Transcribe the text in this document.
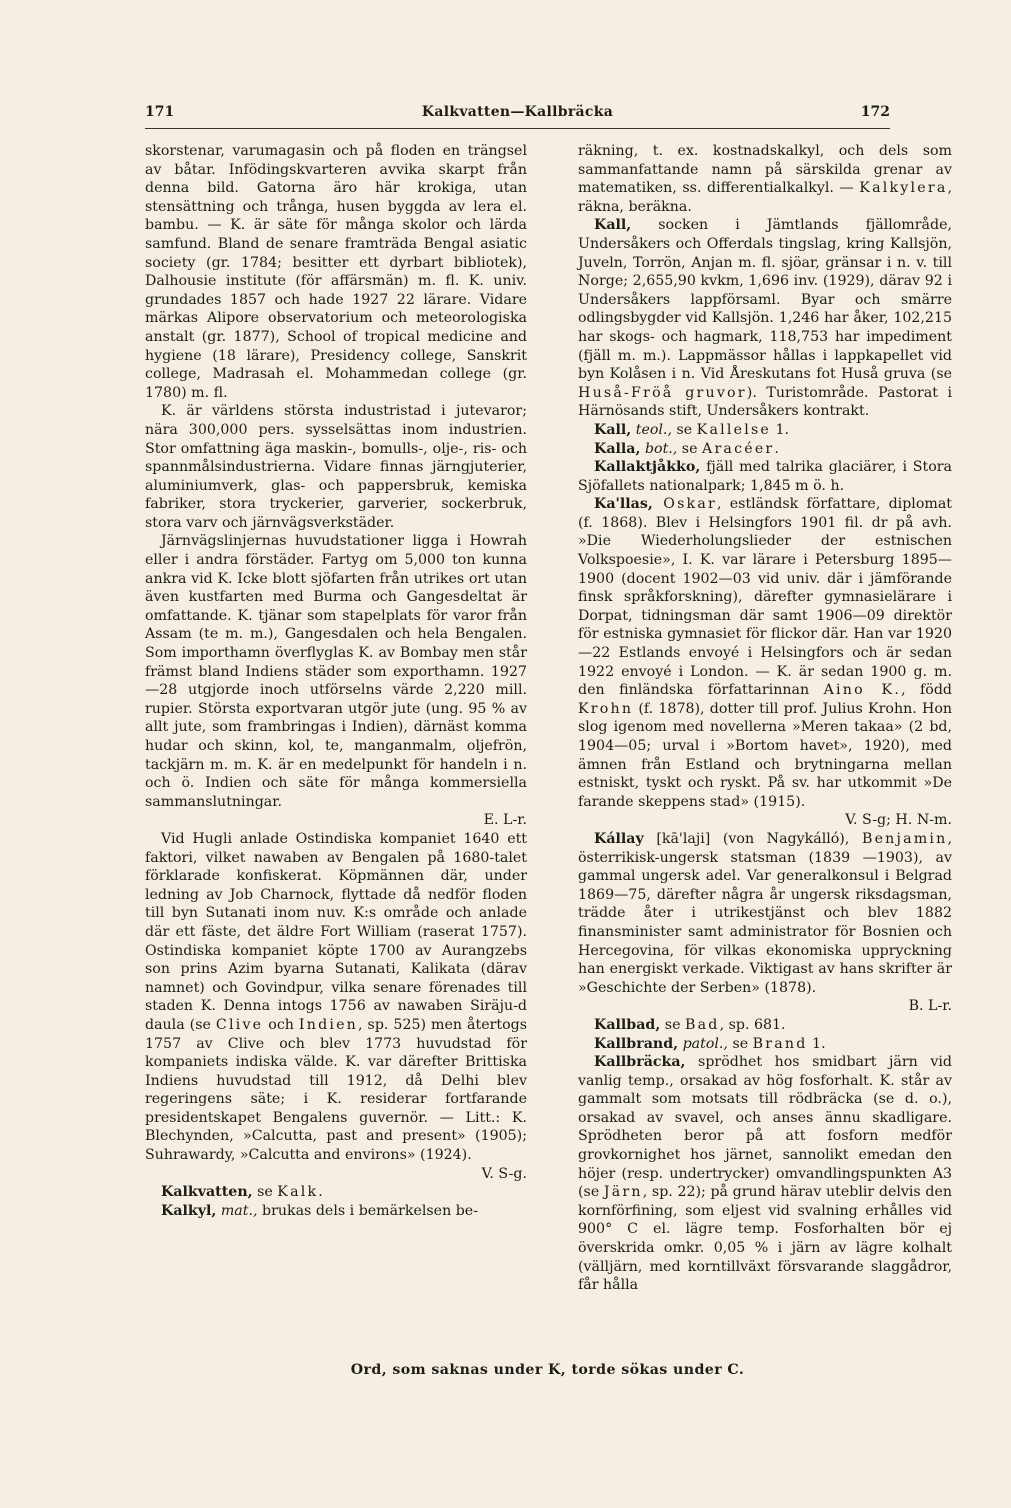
171	Kalkvatten—Kallbräcka	172

skorstenar, varumagasin och på floden en trängsel av båtar. Infödingskvarteren avvika skarpt från denna bild. Gatorna äro här krokiga, utan stensättning och trånga, husen byggda av lera el. bambu. — K. är säte för många skolor och lärda samfund. Bland de senare framträda Bengal asiatic society (gr. 1784; besitter ett dyrbart bibliotek), Dalhousie institute (för affärsmän) m. fl. K. univ. grundades 1857 och hade 1927 22 lärare. Vidare märkas Alipore observatorium och meteorologiska anstalt (gr. 1877), School of tropical medicine and hygiene (18 lärare), Presidency college, Sanskrit college, Madrasah el. Mohammedan college (gr. 1780) m. fl.

K. är världens största industristad i jutevaror; nära 300,000 pers. sysselsättas inom industrien. Stor omfattning äga maskin-, bomulls-, olje-, ris- och spannmålsindustrierna. Vidare finnas järngjuterier, aluminiumverk, glas- och pappersbruk, kemiska fabriker, stora tryckerier, garverier, sockerbruk, stora varv och järnvägsverkstäder.

Järnvägslinjernas huvudstationer ligga i Howrah eller i andra förstäder. Fartyg om 5,000 ton kunna ankra vid K. Icke blott sjöfarten från utrikes ort utan även kustfarten med Burma och Gangesdeltat är omfattande. K. tjänar som stapelplats för varor från Assam (te m. m.), Gangesdalen och hela Bengalen. Som importhamn överflyglas K. av Bombay men står främst bland Indiens städer som exporthamn. 1927—28 utgjorde inoch utförselns värde 2,220 mill. rupier. Största exportvaran utgör jute (ung. 95 % av allt jute, som frambringas i Indien), därnäst komma hudar och skinn, kol, te, manganmalm, oljefrön, tackjärn m. m. K. är en medelpunkt för handeln i n. och ö. Indien och säte för många kommersiella sammanslutningar.
E. L-r.

Vid Hugli anlade Ostindiska kompaniet 1640 ett faktori, vilket nawaben av Bengalen på 1680-talet förklarade konfiskerat. Köpmännen där, under ledning av Job Charnock, flyttade då nedför floden till byn Sutanati inom nuv. K:s område och anlade där ett fäste, det äldre Fort William (raserat 1757). Ostindiska kompaniet köpte 1700 av Aurangzebs son prins Azim byarna Sutanati, Kalikata (därav namnet) och Govindpur, vilka senare förenades till staden K. Denna intogs 1756 av nawaben Siräju-d daula (se Clive och Indien, sp. 525) men återtogs 1757 av Clive och blev 1773 huvudstad för kompaniets indiska välde. K. var därefter Brittiska Indiens huvudstad till 1912, då Delhi blev regeringens säte; i K. residerar fortfarande presidentskapet Bengalens guvernör. — Litt.: K. Blechynden, »Calcutta, past and present» (1905); Suhrawardy, »Calcutta and environs» (1924).
V. S-g.

Kalkvatten, se Kalk.

Kalkyl, mat., brukas dels i bemärkelsen be-

räkning, t. ex. kostnadskalkyl, och dels som sammanfattande namn på särskilda grenar av matematiken, ss. differentialkalkyl. — Kalkylera, räkna, beräkna.

Kall, socken i Jämtlands fjällområde, Undersåkers och Offerdals tingslag, kring Kallsjön, Juveln, Torrön, Anjan m. fl. sjöar, gränsar i n. v. till Norge; 2,655,90 kvkm, 1,696 inv. (1929), därav 92 i Undersåkers lappförsaml. Byar och smärre odlingsbygder vid Kallsjön. 1,246 har åker, 102,215 har skogs- och hagmark, 118,753 har impediment (fjäll m. m.). Lappmässor hållas i lappkapellet vid byn Kolåsen i n. Vid Åreskutans fot Huså gruva (se Huså-Fröå gruvor). Turistområde. Pastorat i Härnösands stift, Undersåkers kontrakt.

Kall, teol., se Kallelse 1.

Kalla, bot., se Aracéer.

Kallaktjåkko, fjäll med talrika glaciärer, i Stora Sjöfallets nationalpark; 1,845 m ö. h.

Ka'llas, Oskar, estländsk författare, diplomat (f. 1868). Blev i Helsingfors 1901 fil. dr på avh. »Die Wiederholungslieder der estnischen Volkspoesie», I. K. var lärare i Petersburg 1895—1900 (docent 1902—03 vid univ. där i jämförande finsk språkforskning), därefter gymnasielärare i Dorpat, tidningsman där samt 1906—09 direktör för estniska gymnasiet för flickor där. Han var 1920 —22 Estlands envoyé i Helsingfors och är sedan 1922 envoyé i London. — K. är sedan 1900 g. m. den finländska författarinnan Aino K., född Krohn (f. 1878), dotter till prof. Julius Krohn. Hon slog igenom med novellerna »Meren takaa» (2 bd, 1904—05; urval i »Bortom havet», 1920), med ämnen från Estland och brytningarna mellan estniskt, tyskt och ryskt. På sv. har utkommit »De farande skeppens stad» (1915).
V. S-g; H. N-m.

Kállay [kā'laji] (von Nagykálló), Benjamin, österrikisk-ungersk statsman (1839 —1903), av gammal ungersk adel. Var generalkonsul i Belgrad 1869—75, därefter några år ungersk riksdagsman, trädde åter i utrikestjänst och blev 1882 finansminister samt administrator för Bosnien och Hercegovina, för vilkas ekonomiska uppryckning han energiskt verkade. Viktigast av hans skrifter är »Geschichte der Serben» (1878).
B. L-r.

Kallbad, se Bad, sp. 681.

Kallbrand, patol., se Brand 1.

Kallbräcka, sprödhet hos smidbart järn vid vanlig temp., orsakad av hög fosforhalt. K. står av gammalt som motsats till rödbräcka (se d. o.), orsakad av svavel, och anses ännu skadligare. Sprödheten beror på att fosforn medför grovkornighet hos järnet, sannolikt emedan den höjer (resp. undertrycker) omvandlingspunkten A3 (se Järn, sp. 22); på grund härav uteblir delvis den kornförfining, som eljest vid svalning erhålles vid 900° C el. lägre temp. Fosforhalten bör ej överskrida omkr. 0,05 % i järn av lägre kolhalt (välljärn, med korntillväxt försvarande slaggådror, får hålla

Ord, som saknas under K, torde sökas under C.
